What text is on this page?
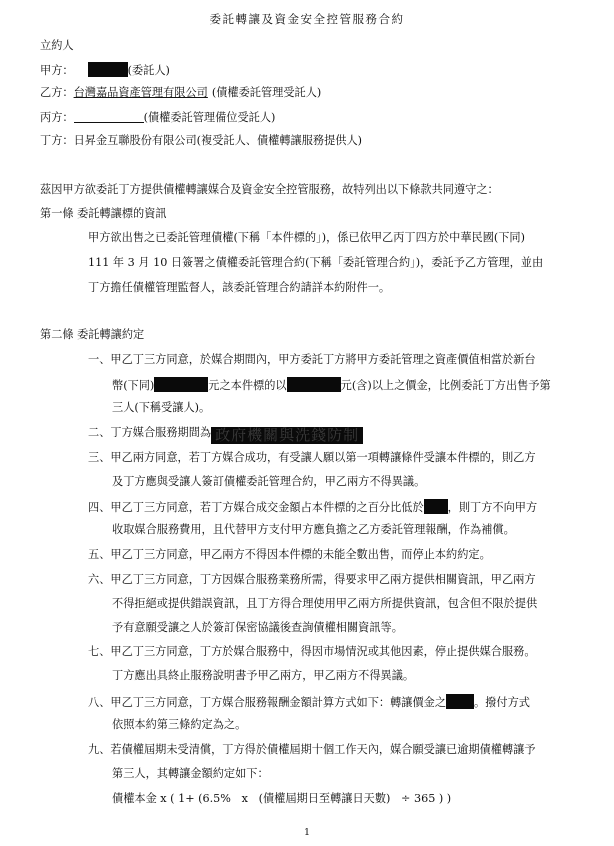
委託轉讓及資金安全控管服務合約
立約人
甲方：	(委託人)
乙方：台灣嘉品資產管理有限公司 (債權委託管理受託人)
丙方：	(債權委託管理備位受託人)
丁方：日昇金互聯股份有限公司(複受託人、債權轉讓服務提供人)
茲因甲方欲委託丁方提供債權轉讓媒合及資金安全控管服務，故特列出以下條款共同遵守之：
第一條 委託轉讓標的資訊
甲方欲出售之已委託管理債權(下稱「本件標的」)，係已依甲乙丙丁四方於中華民國(下同)
111 年 3 月 10 日簽署之債權委託管理合約(下稱「委託管理合約」)，委託予乙方管理，並由
丁方擔任債權管理監督人，該委託管理合約請詳本約附件一。
第二條 委託轉讓約定
一、甲乙丁三方同意，於媒合期間內，甲方委託丁方將甲方委託管理之資產價值相當於新台
幣(下同)	元之本件標的以	元(含)以上之價金，比例委託丁方出售予第
三人(下稱受讓人)。
二、丁方媒合服務期間為 政府機關與洗錢防制
三、甲乙兩方同意，若丁方媒合成功，有受讓人願以第一項轉讓條件受讓本件標的，則乙方
及丁方應與受讓人簽訂債權委託管理合約，甲乙兩方不得異議。
四、甲乙丁三方同意，若丁方媒合成交金額占本件標的之百分比低於 ，則丁方不向甲方
收取媒合服務費用，且代替甲方支付甲方應負擔之乙方委託管理報酬，作為補償。
五、甲乙丁三方同意，甲乙兩方不得因本件標的未能全數出售，而停止本約約定。
六、甲乙丁三方同意，丁方因媒合服務業務所需，得要求甲乙兩方提供相關資訊，甲乙兩方
不得拒絕或提供錯誤資訊，且丁方得合理使用甲乙兩方所提供資訊，包含但不限於提供
予有意願受讓之人於簽訂保密協議後查詢債權相關資訊等。
七、甲乙丁三方同意，丁方於媒合服務中，得因市場情況或其他因素，停止提供媒合服務。
丁方應出具終止服務說明書予甲乙兩方，甲乙兩方不得異議。
八、甲乙丁三方同意，丁方媒合服務報酬金額計算方式如下：轉讓價金之	。撥付方式
依照本約第三條約定為之。
九、若債權屆期未受清償，丁方得於債權屆期十個工作天內，媒合願受讓已逾期債權轉讓予
第三人，其轉讓金額約定如下：
債權本金 x ( 1+ (6.5%   x   (債權屆期日至轉讓日天數)   ÷ 365 ) )
1
